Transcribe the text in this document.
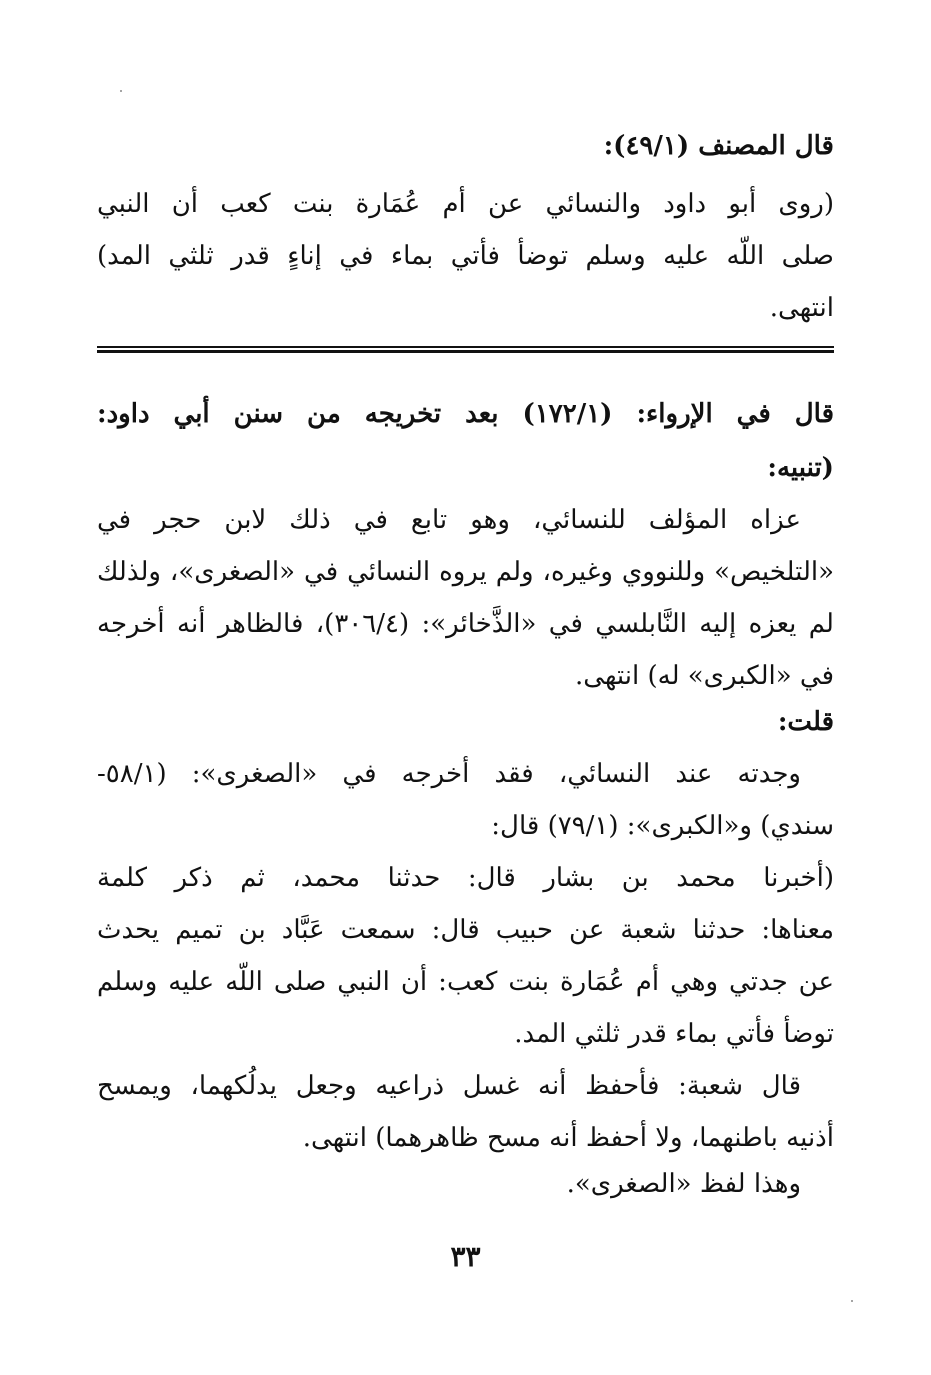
قال المصنف (٤٩/١):
(روى أبو داود والنسائي عن أم عُمَارة بنت كعب أن النبي
صلى اللّه عليه وسلم توضأ فأتي بماء في إناءٍ قدر ثلثي المد)
انتهى.
قال في الإرواء: (١٧٢/١) بعد تخريجه من سنن أبي داود:
(تنبيه:
عزاه المؤلف للنسائي، وهو تابع في ذلك لابن حجر في
«التلخيص» وللنووي وغيره، ولم يروه النسائي في «الصغرى»، ولذلك
لم يعزه إليه النَّابلسي في «الذَّخائر»: (٣٠٦/٤)، فالظاهر أنه أخرجه
في «الكبرى» له) انتهى.
قلت:
وجدته عند النسائي، فقد أخرجه في «الصغرى»: (٥٨/١-
سندي) و«الكبرى»: (٧٩/١) قال:
(أخبرنا محمد بن بشار قال: حدثنا محمد، ثم ذكر كلمة
معناها: حدثنا شعبة عن حبيب قال: سمعت عَبَّاد بن تميم يحدث
عن جدتي وهي أم عُمَارة بنت كعب: أن النبي صلى اللّه عليه وسلم
توضأ فأتي بماء قدر ثلثي المد.
قال شعبة: فأحفظ أنه غسل ذراعيه وجعل يدلُكهما، ويمسح
أذنيه باطنهما، ولا أحفظ أنه مسح ظاهرهما) انتهى.
وهذا لفظ «الصغرى».
٣٣
